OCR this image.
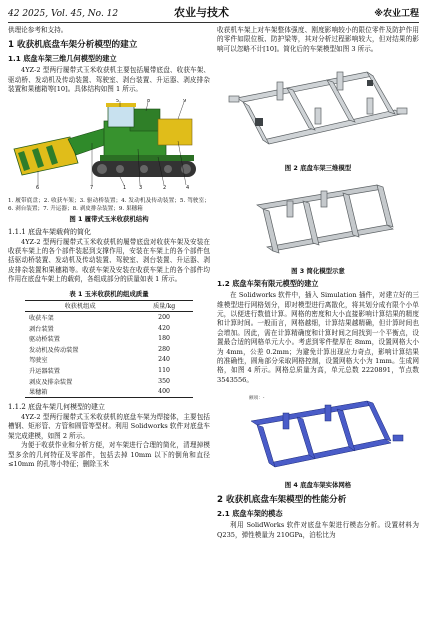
42 2025, Vol. 45, No. 12	农业与技术	※农业工程

供理论参考和支持。

1 收获机底盘车架分析模型的建立
1.1 底盘车架三维几何模型的建立

4YZ-2 型两行履带式玉米收获机主要包括履带底盘、收获车架、驱动桥、发动机及传动装置、驾驶室、剥台装置、升运器、剥皮排杂装置和果穗箱等[10]。具体结构如图 1 所示。

1	2
3	4
5
6	7
8	9

1. 履带底盘；2. 收获车架；3. 驱动桥装置；4. 发动机及传动装置；5. 驾驶室；6. 剥台装置；7. 升运器；8. 剥皮排杂装置；9. 果穗箱

图 1 履带式玉米收获机结构
1.1.1 底盘车架载荷的简化

4YZ-2 型两行履带式玉米收获机的履带底盘对收获车架及安装在收获车架上的各个部件装起到支撑作用，安装在车架上的各个部件包括驱动桥装置、发动机及传动装置、驾驶室、剥台装置、升运器、剥皮排杂装置和果穗箱等。收获车架及安装在收获车架上的各个部件均作用在底盘车架上的载荷，各组成部分的质量如表 1 所示。

表 1 玉米收获机的组成质量
收获机组成	质量/kg
收获车架	200
剥台装置	420
驱动桥装置	180
发动机及传动装置	280
驾驶室	240
升运器装置	110
剥皮及排杂装置	350
果穗箱	400
1.1.2 底盘车架几何模型的建立

4YZ-2 型两行履带式玉米收获机的底盘车架为焊接体，主要包括槽钢、矩形管、方管和圆管等型材。利用 Solidworks 软件对底盘车架完成建模，如图 2 所示。

为便于收获作业和分析方便，对车架进行合理的简化，清理掉模型多余的几何特征及零部件，包括去掉 10mm 以下的倒角和直径≤10mm 的孔等小特征；删除玉米

收获机车架上对车架整体强度、刚度影响较小的限位零件及防护作用的零件如限位板、防护梁等，其对分析过程影响较大，但对结果的影响可以忽略不计[10]。简化后的车架模型如图 3 所示。

图 2 底盘车架三维模型
图 3 简化模型示意
1.2 底盘车架有限元模型的建立

在 Solidworks 软件中，插入 Simulation 插件，对建立好的三维模型进行网格划分，即对模型进行离散化，将其划分成有限个小单元，以便进行数值计算。网格的密度和大小直接影响计算结果的精度和计算时间。一般而言，网格越细，计算结果越精确，但计算时间也会增加。因此，需在计算精确度和计算时间之间找到一个平衡点，设置最合适的网格单元大小。考虑到零件壁厚在 8mm，设置网格大小为 4mm，公差 0.2mm；为避免计算出现应力奇点，影响计算结果的准确性，圆角部分采取网格控制，设置网格大小为 1mm。生成网格，如图 4 所示。网格总质量为高，单元总数 2220891，节点数 3543556。

额项：-
图 4 底盘车架实体网格
2 收获机底盘车架模型的性能分析
2.1 底盘车架的模态

利用 SolidWorks 软件对底盘车架进行模态分析。设置材料为 Q235，弹性模量为 210GPa，泊松比为
